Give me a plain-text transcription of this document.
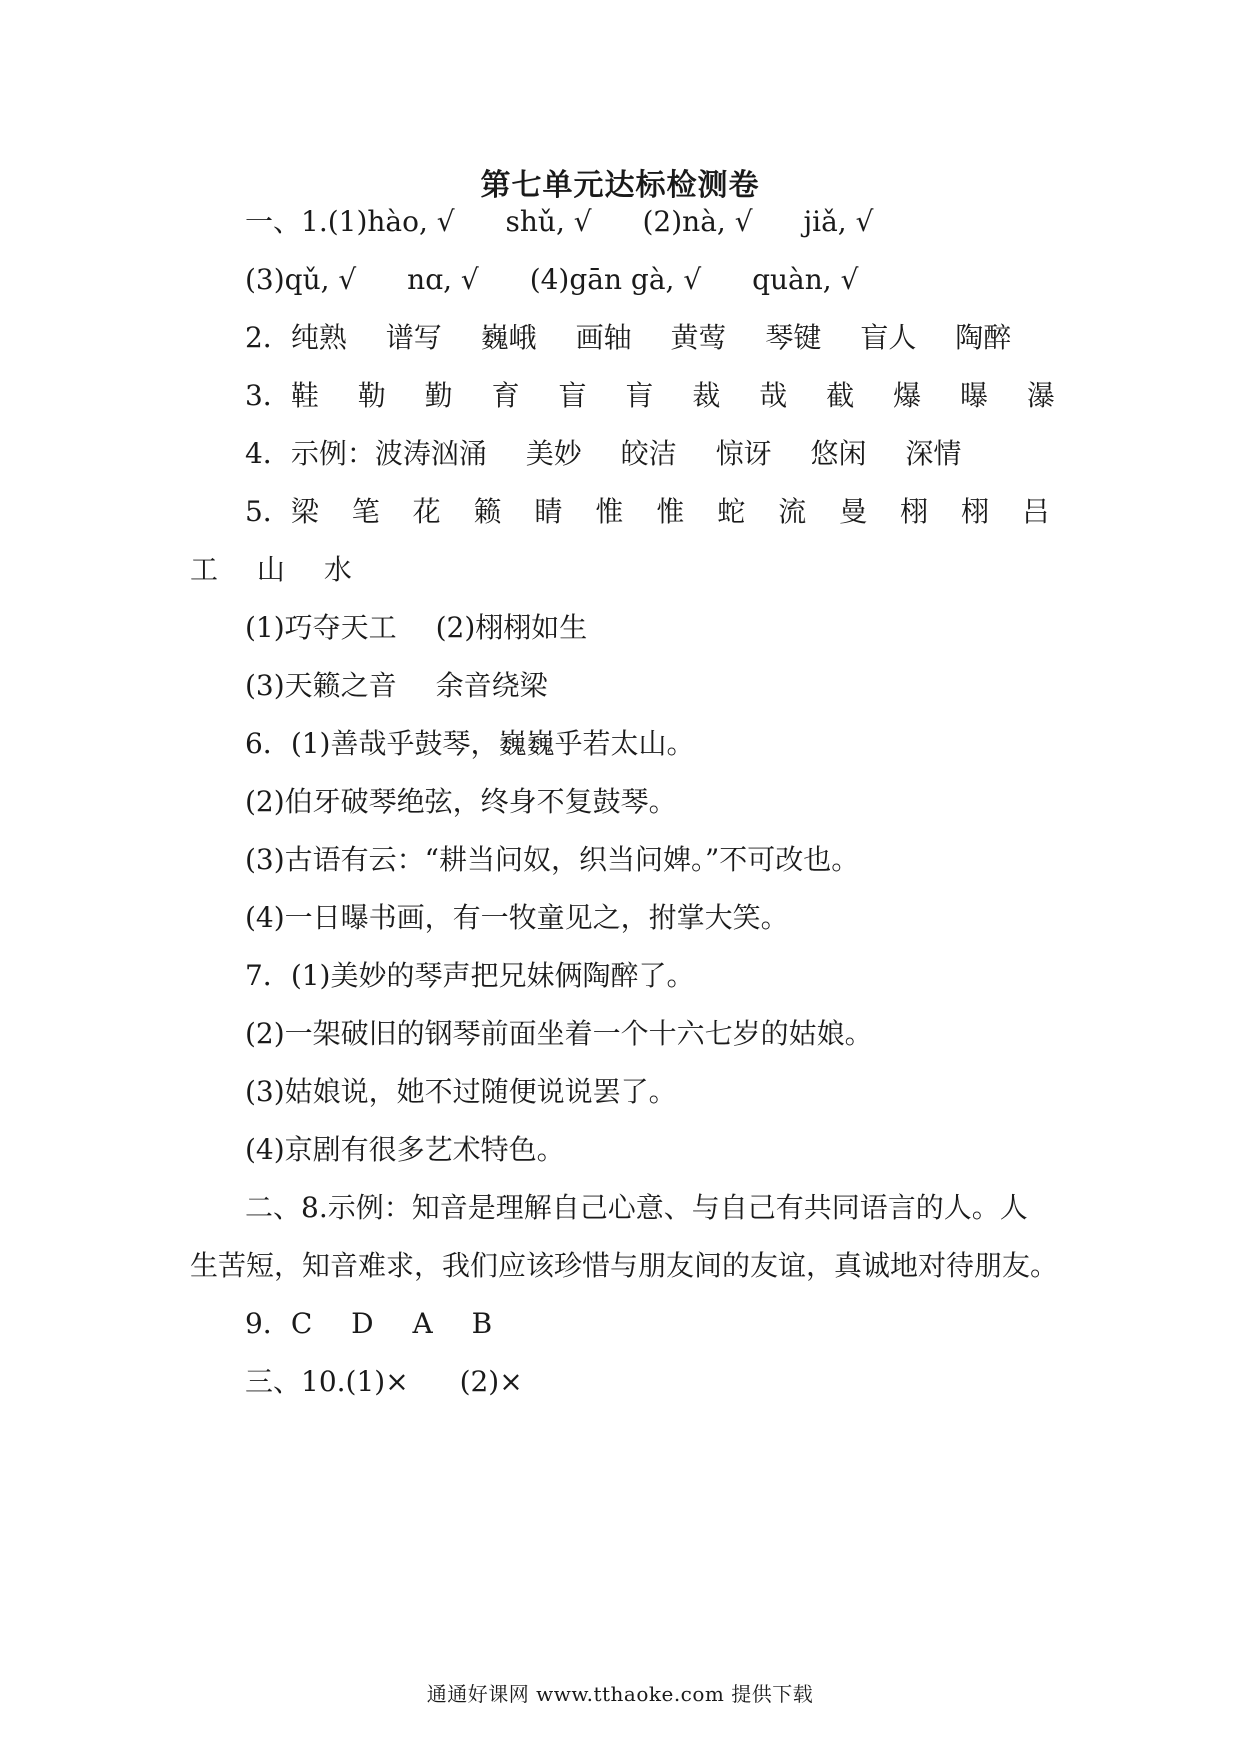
第七单元达标检测卷
一、1.(1)hào, √ shǔ, √ (2)nà, √ jiǎ, √
(3)qǔ, √ nɑ, √ (4)gān gà, √ quàn, √
2．纯熟 谱写 巍峨 画轴 黄莺 琴键 盲人 陶醉
3．鞋 勒 勤 育 盲 肓 裁 哉 截 爆 曝 瀑
4．示例：波涛汹涌 美妙 皎洁 惊讶 悠闲 深情
5．梁 笔 花 籁 睛 惟 惟 蛇 流 曼 栩 栩 吕
工 山 水
(1)巧夺天工 (2)栩栩如生
(3)天籁之音 余音绕梁
6．(1)善哉乎鼓琴，巍巍乎若太山。
(2)伯牙破琴绝弦，终身不复鼓琴。
(3)古语有云：“耕当问奴，织当问婢。”不可改也。
(4)一日曝书画，有一牧童见之，拊掌大笑。
7．(1)美妙的琴声把兄妹俩陶醉了。
(2)一架破旧的钢琴前面坐着一个十六七岁的姑娘。
(3)姑娘说，她不过随便说说罢了。
(4)京剧有很多艺术特色。
二、8.示例：知音是理解自己心意、与自己有共同语言的人。人
生苦短，知音难求，我们应该珍惜与朋友间的友谊，真诚地对待朋友。
9．C D A B
三、10.(1)× (2)×
通通好课网 www.tthaoke.com 提供下载
